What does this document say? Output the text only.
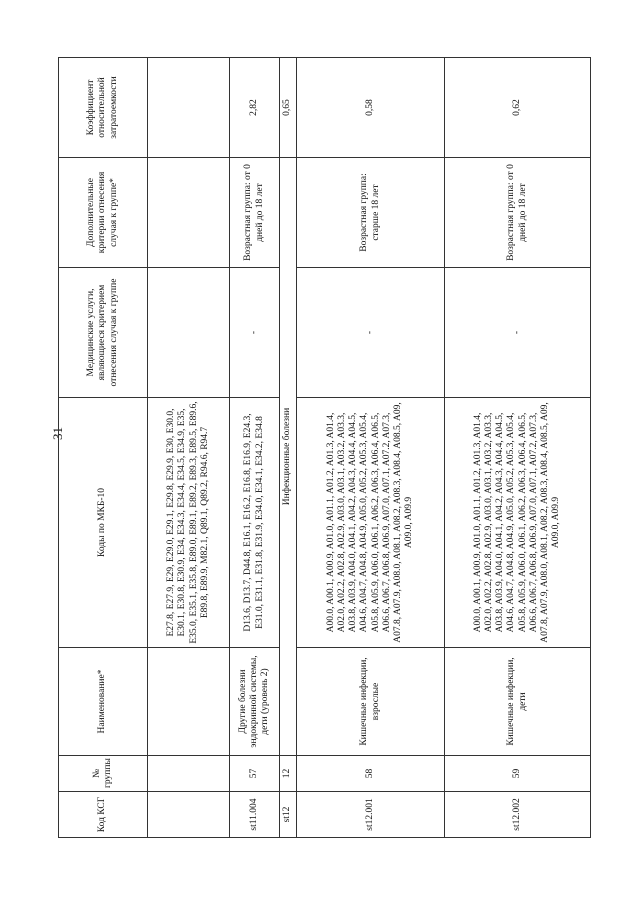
31
Код КСГ	№ группы	Наименование*	Коды по МКБ-10	Медицинские услуги, являющиеся критерием отнесения случая к группе	Дополнительные критерии отнесения случая к группе*	Коэффициент относительной затратоемкости
			E27.8, E27.9, E29, E29.0, E29.1, E29.8, E29.9, E30, E30.0, E30.1, E30.8, E30.9, E34, E34.3, E34.4, E34.5, E34.9, E35, E35.0, E35.1, E35.8, E89.0, E89.1, E89.2, E89.3, E89.5, E89.6, E89.8, E89.9, M82.1, Q89.1, Q89.2, R94.6, R94.7			
st11.004	57	Другие болезни эндокринной системы, дети (уровень 2)	D13.6, D13.7, D44.8, E16.1, E16.2, E16.8, E16.9, E24.3, E31.0, E31.1, E31.8, E31.9, E34.0, E34.1, E34.2, E34.8	-	Возрастная группа: от 0 дней до 18 лет	2,82
st12	12	Инфекционные болезни				0,65
st12.001	58	Кишечные инфекции, взрослые	A00.0, A00.1, A00.9, A01.0, A01.1, A01.2, A01.3, A01.4, A02.0, A02.2, A02.8, A02.9, A03.0, A03.1, A03.2, A03.3, A03.8, A03.9, A04.0, A04.1, A04.2, A04.3, A04.4, A04.5, A04.6, A04.7, A04.8, A04.9, A05.0, A05.2, A05.3, A05.4, A05.8, A05.9, A06.0, A06.1, A06.2, A06.3, A06.4, A06.5, A06.6, A06.7, A06.8, A06.9, A07.0, A07.1, A07.2, A07.3, A07.8, A07.9, A08.0, A08.1, A08.2, A08.3, A08.4, A08.5, A09, A09.0, A09.9	-	Возрастная группа: старше 18 лет	0,58
st12.002	59	Кишечные инфекции, дети	A00.0, A00.1, A00.9, A01.0, A01.1, A01.2, A01.3, A01.4, A02.0, A02.2, A02.8, A02.9, A03.0, A03.1, A03.2, A03.3, A03.8, A03.9, A04.0, A04.1, A04.2, A04.3, A04.4, A04.5, A04.6, A04.7, A04.8, A04.9, A05.0, A05.2, A05.3, A05.4, A05.8, A05.9, A06.0, A06.1, A06.2, A06.3, A06.4, A06.5, A06.6, A06.7, A06.8, A06.9, A07.0, A07.1, A07.2, A07.3, A07.8, A07.9, A08.0, A08.1, A08.2, A08.3, A08.4, A08.5, A09, A09.0, A09.9	-	Возрастная группа: от 0 дней до 18 лет	0,62
